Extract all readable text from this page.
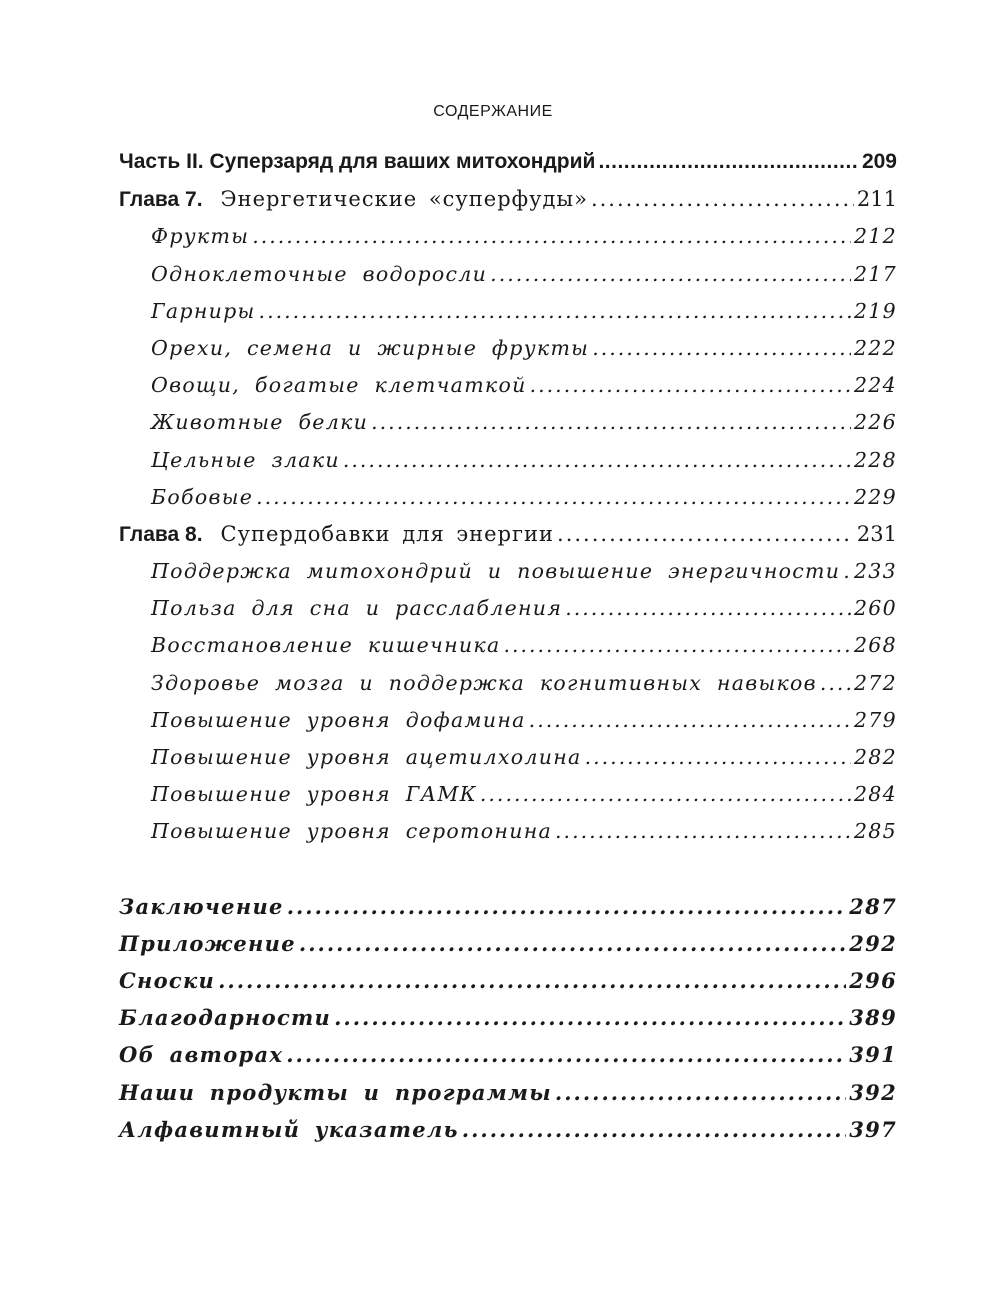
СОДЕРЖАНИЕ
Часть II. Суперзаряд для ваших митохондрий .....	209
Глава 7. Энергетические «суперфуды» .....	211
Фрукты .....	212
Одноклеточные водоросли .....	217
Гарниры .....	219
Орехи, семена и жирные фрукты .....	222
Овощи, богатые клетчаткой .....	224
Животные белки .....	226
Цельные злаки .....	228
Бобовые .....	229
Глава 8. Супердобавки для энергии .....	231
Поддержка митохондрий и повышение энергичности ..... 233
Польза для сна и расслабления .....	260
Восстановление кишечника .....	268
Здоровье мозга и поддержка когнитивных навыков ..... 272
Повышение уровня дофамина .....	279
Повышение уровня ацетилхолина .....	282
Повышение уровня ГАМК .....	284
Повышение уровня серотонина .....	285
Заключение .....	287
Приложение .....	292
Сноски .....	296
Благодарности .....	389
Об авторах .....	391
Наши продукты и программы .....	392
Алфавитный указатель .....	397
